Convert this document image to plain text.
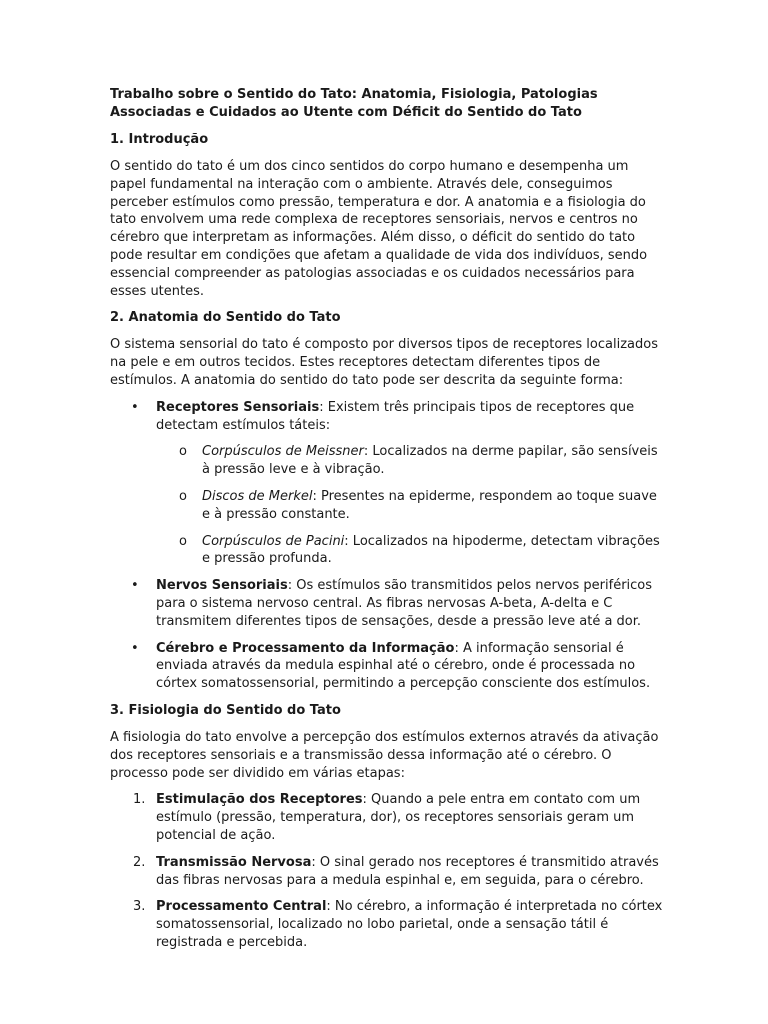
Trabalho sobre o Sentido do Tato: Anatomia, Fisiologia, Patologias Associadas e Cuidados ao Utente com Déficit do Sentido do Tato

1. Introdução

O sentido do tato é um dos cinco sentidos do corpo humano e desempenha um papel fundamental na interação com o ambiente. Através dele, conseguimos perceber estímulos como pressão, temperatura e dor. A anatomia e a fisiologia do tato envolvem uma rede complexa de receptores sensoriais, nervos e centros no cérebro que interpretam as informações. Além disso, o déficit do sentido do tato pode resultar em condições que afetam a qualidade de vida dos indivíduos, sendo essencial compreender as patologias associadas e os cuidados necessários para esses utentes.

2. Anatomia do Sentido do Tato

O sistema sensorial do tato é composto por diversos tipos de receptores localizados na pele e em outros tecidos. Estes receptores detectam diferentes tipos de estímulos. A anatomia do sentido do tato pode ser descrita da seguinte forma:

• Receptores Sensoriais: Existem três principais tipos de receptores que detectam estímulos táteis:
o Corpúsculos de Meissner: Localizados na derme papilar, são sensíveis à pressão leve e à vibração.
o Discos de Merkel: Presentes na epiderme, respondem ao toque suave e à pressão constante.
o Corpúsculos de Pacini: Localizados na hipoderme, detectam vibrações e pressão profunda.
• Nervos Sensoriais: Os estímulos são transmitidos pelos nervos periféricos para o sistema nervoso central. As fibras nervosas A-beta, A-delta e C transmitem diferentes tipos de sensações, desde a pressão leve até a dor.
• Cérebro e Processamento da Informação: A informação sensorial é enviada através da medula espinhal até o cérebro, onde é processada no córtex somatossensorial, permitindo a percepção consciente dos estímulos.

3. Fisiologia do Sentido do Tato

A fisiologia do tato envolve a percepção dos estímulos externos através da ativação dos receptores sensoriais e a transmissão dessa informação até o cérebro. O processo pode ser dividido em várias etapas:

1. Estimulação dos Receptores: Quando a pele entra em contato com um estímulo (pressão, temperatura, dor), os receptores sensoriais geram um potencial de ação.
2. Transmissão Nervosa: O sinal gerado nos receptores é transmitido através das fibras nervosas para a medula espinhal e, em seguida, para o cérebro.
3. Processamento Central: No cérebro, a informação é interpretada no córtex somatossensorial, localizado no lobo parietal, onde a sensação tátil é registrada e percebida.
